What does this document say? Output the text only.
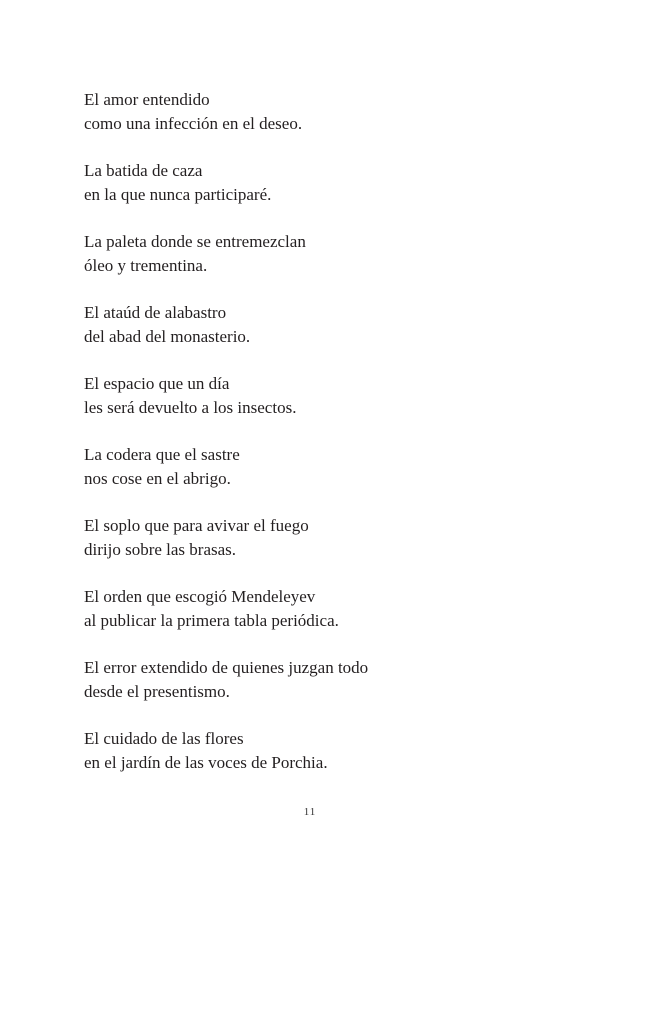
El amor entendido
como una infección en el deseo.
La batida de caza
en la que nunca participaré.
La paleta donde se entremezclan
óleo y trementina.
El ataúd de alabastro
del abad del monasterio.
El espacio que un día
les será devuelto a los insectos.
La codera que el sastre
nos cose en el abrigo.
El soplo que para avivar el fuego
dirijo sobre las brasas.
El orden que escogió Mendeleyev
al publicar la primera tabla periódica.
El error extendido de quienes juzgan todo
desde el presentismo.
El cuidado de las flores
en el jardín de las voces de Porchia.
11
